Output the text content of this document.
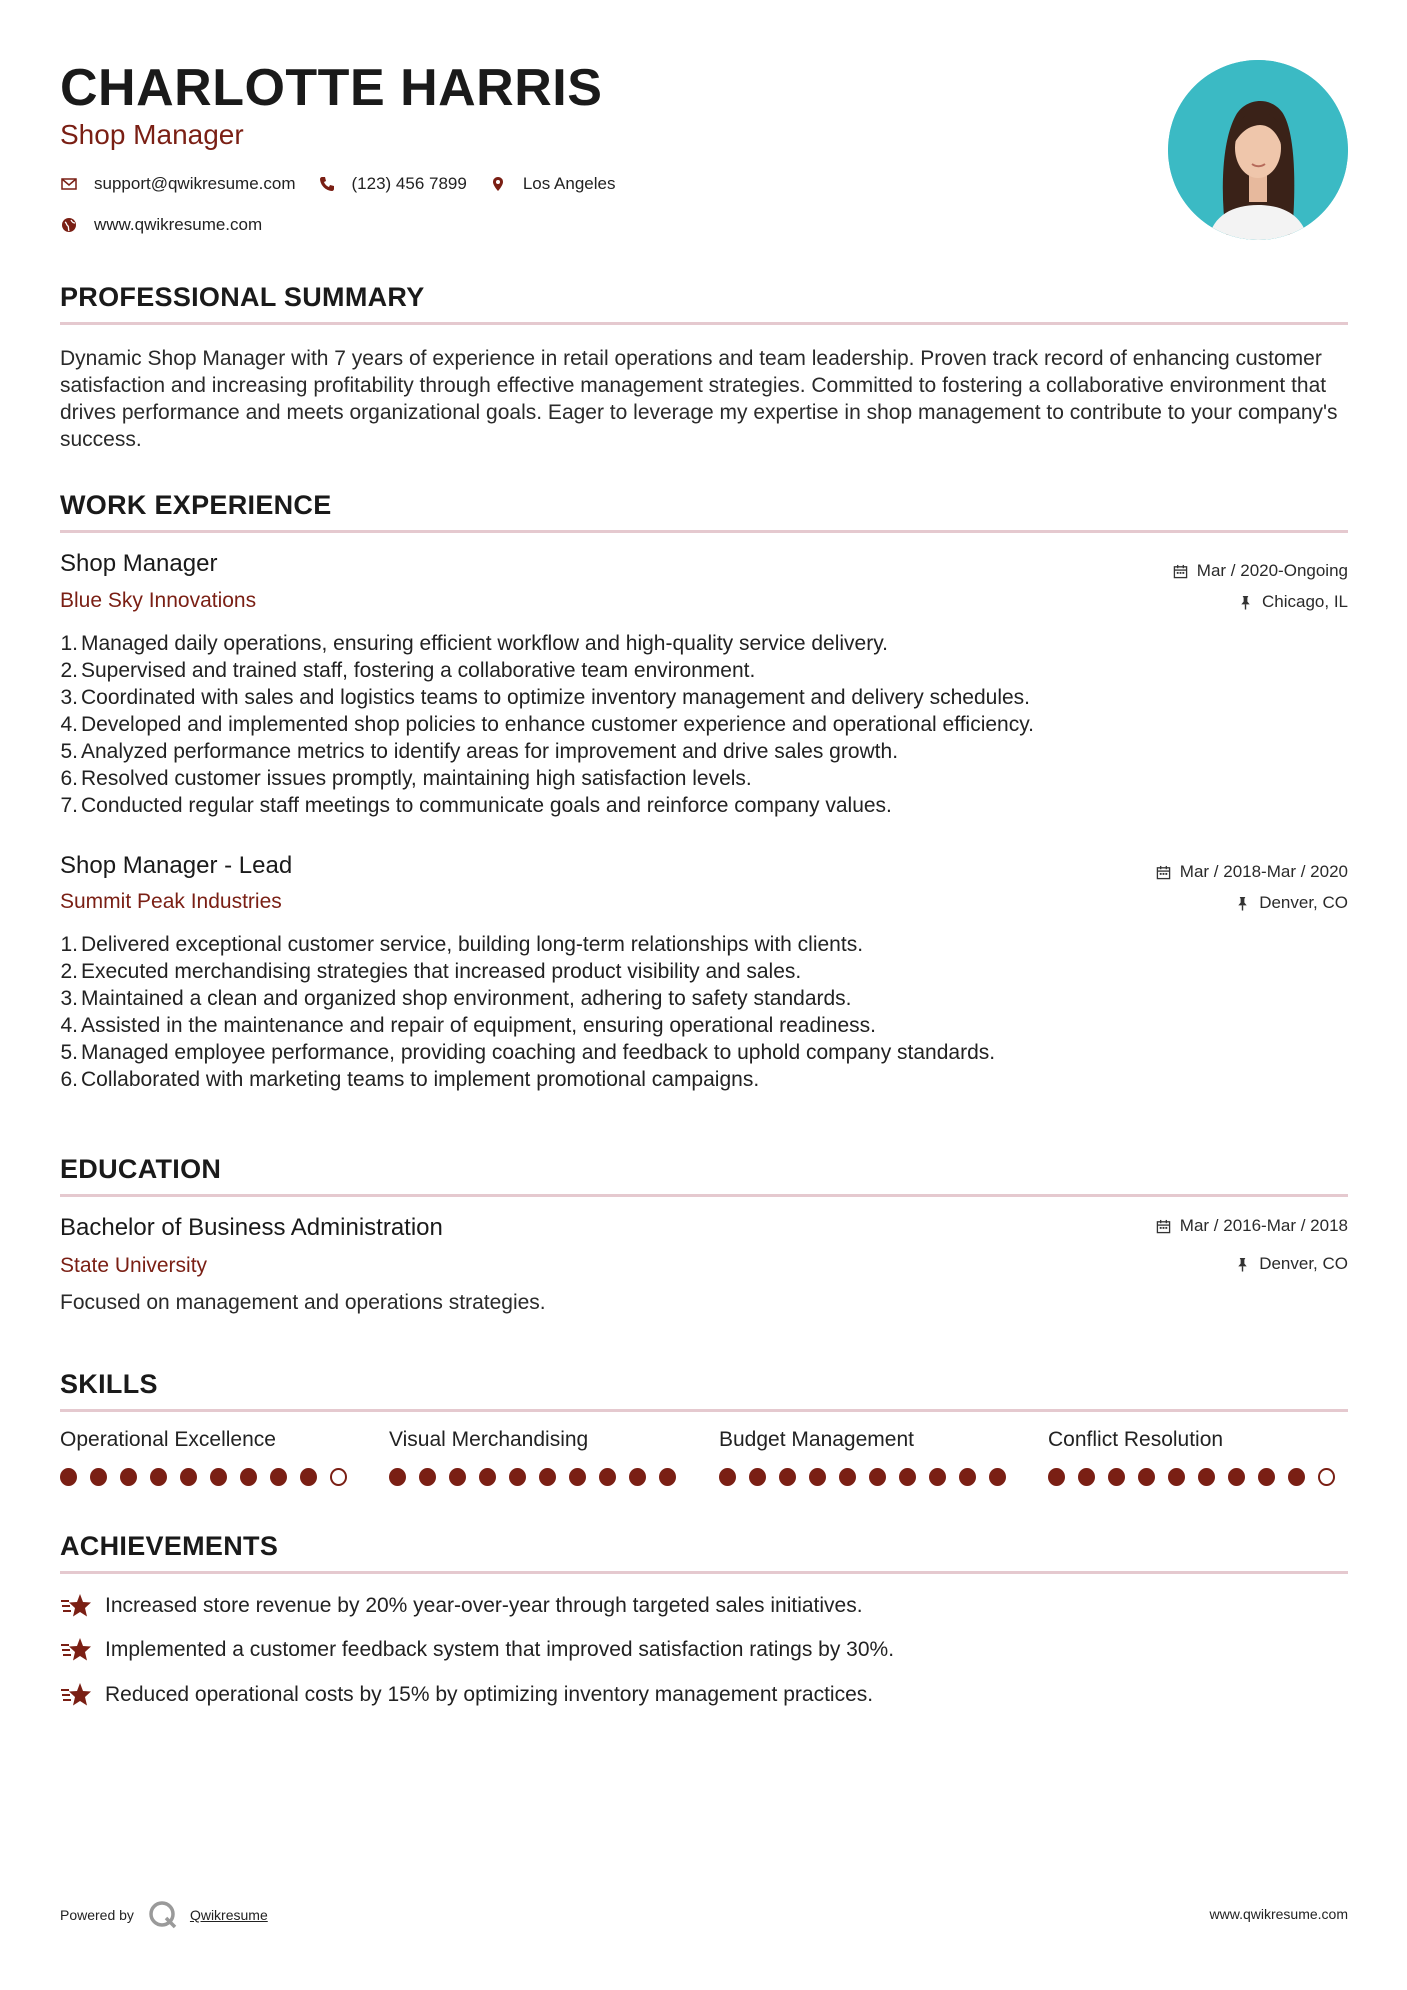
CHARLOTTE HARRIS
Shop Manager
support@qwikresume.com	(123) 456 7899	Los Angeles
www.qwikresume.com
PROFESSIONAL SUMMARY
Dynamic Shop Manager with 7 years of experience in retail operations and team leadership. Proven track record of enhancing customer satisfaction and increasing profitability through effective management strategies. Committed to fostering a collaborative environment that drives performance and meets organizational goals. Eager to leverage my expertise in shop management to contribute to your company's success.
WORK EXPERIENCE
Shop Manager	Mar / 2020-Ongoing
Blue Sky Innovations	Chicago, IL
1. Managed daily operations, ensuring efficient workflow and high-quality service delivery.
2. Supervised and trained staff, fostering a collaborative team environment.
3. Coordinated with sales and logistics teams to optimize inventory management and delivery schedules.
4. Developed and implemented shop policies to enhance customer experience and operational efficiency.
5. Analyzed performance metrics to identify areas for improvement and drive sales growth.
6. Resolved customer issues promptly, maintaining high satisfaction levels.
7. Conducted regular staff meetings to communicate goals and reinforce company values.
Shop Manager - Lead	Mar / 2018-Mar / 2020
Summit Peak Industries	Denver, CO
1. Delivered exceptional customer service, building long-term relationships with clients.
2. Executed merchandising strategies that increased product visibility and sales.
3. Maintained a clean and organized shop environment, adhering to safety standards.
4. Assisted in the maintenance and repair of equipment, ensuring operational readiness.
5. Managed employee performance, providing coaching and feedback to uphold company standards.
6. Collaborated with marketing teams to implement promotional campaigns.
EDUCATION
Bachelor of Business Administration	Mar / 2016-Mar / 2018
State University	Denver, CO
Focused on management and operations strategies.
SKILLS
Operational Excellence	Visual Merchandising	Budget Management	Conflict Resolution
ACHIEVEMENTS
Increased store revenue by 20% year-over-year through targeted sales initiatives.
Implemented a customer feedback system that improved satisfaction ratings by 30%.
Reduced operational costs by 15% by optimizing inventory management practices.
Powered by	Qwikresume	www.qwikresume.com
